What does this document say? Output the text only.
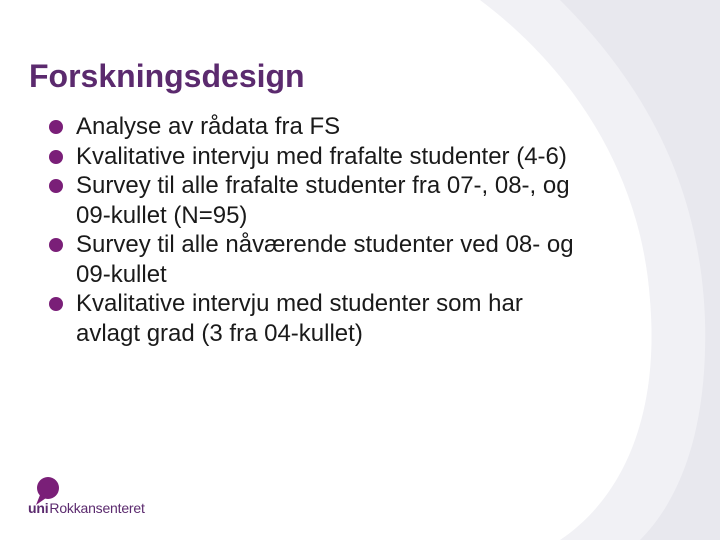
Forskningsdesign
Analyse av rådata fra FS
Kvalitative intervju med frafalte studenter (4-6)
Survey til alle frafalte studenter fra 07-, 08-, og
09-kullet (N=95)
Survey til alle nåværende studenter ved 08- og
09-kullet
Kvalitative intervju med studenter som har
avlagt grad (3 fra 04-kullet)
uniRokkansenteret
